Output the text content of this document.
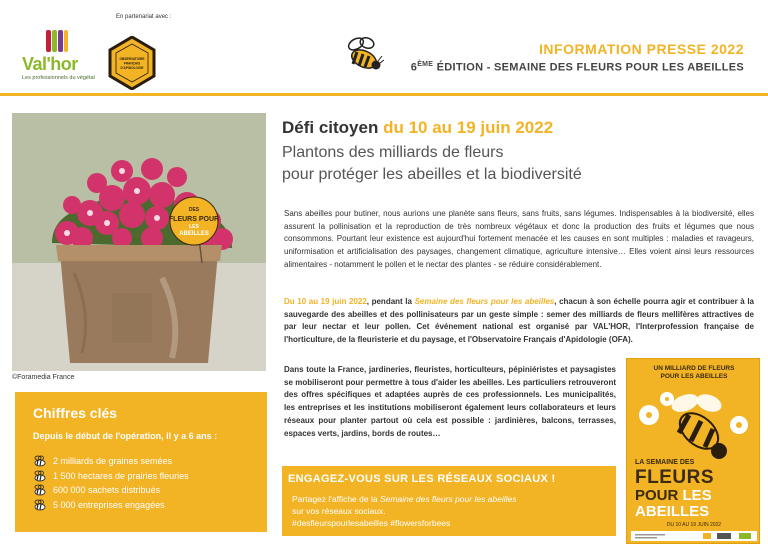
Val'hor
Les professionnels du végétal
En partenariat avec :
OBSERVATOIRE
FRANÇAIS
D'APIDOLOGIE
INFORMATION PRESSE 2022
6ÈME ÉDITION - SEMAINE DES FLEURS POUR LES ABEILLES
DES
FLEURS POUR
LES
ABEILLES
©Foramedia France
Chiffres clés
Depuis le début de l'opération, il y a 6 ans :
2 milliards de graines semées
1 500 hectares de prairies fleuries
600 000 sachets distribués
5 000 entreprises engagées
Défi citoyen du 10 au 19 juin 2022
Plantons des milliards de fleurs
pour protéger les abeilles et la biodiversité

Sans abeilles pour butiner, nous aurions une planète sans fleurs, sans fruits, sans légumes. Indispensables à la biodiversité, elles assurent la pollinisation et la reproduction de très nombreux végétaux et donc la production des fruits et légumes que nous consommons. Pourtant leur existence est aujourd'hui fortement menacée et les causes en sont multiples : maladies et ravageurs, uniformisation et artificialisation des paysages, changement climatique, agriculture intensive… Elles voient ainsi leurs ressources alimentaires - notamment le pollen et le nectar des plantes - se réduire considérablement.

Du 10 au 19 juin 2022, pendant la Semaine des fleurs pour les abeilles, chacun à son échelle pourra agir et contribuer à la sauvegarde des abeilles et des pollinisateurs par un geste simple : semer des milliards de fleurs mellifères attractives de par leur nectar et leur pollen. Cet événement national est organisé par VAL'HOR, l'Interprofession française de l'horticulture, de la fleuristerie et du paysage, et l'Observatoire Français d'Apidologie (OFA).

Dans toute la France, jardineries, fleuristes, horticulteurs, pépiniéristes et paysagistes se mobiliseront pour permettre à tous d'aider les abeilles. Les particuliers retrouveront des offres spécifiques et adaptées auprès de ces professionnels. Les municipalités, les entreprises et les institutions mobiliseront également leurs collaborateurs et leurs réseaux pour planter partout où cela est possible : jardinières, balcons, terrasses, espaces verts, jardins, bords de routes…

ENGAGEZ-VOUS SUR LES RÉSEAUX SOCIAUX !
Partagez l'affiche de la Semaine des fleurs pour les abeilles
sur vos réseaux sociaux.
#desfleurspourlesabeilles #flowersforbees
UN MILLIARD DE FLEURS
POUR LES ABEILLES
LA SEMAINE DES
FLEURS
POUR LES
ABEILLES
DU 10 AU 19 JUIN 2022
